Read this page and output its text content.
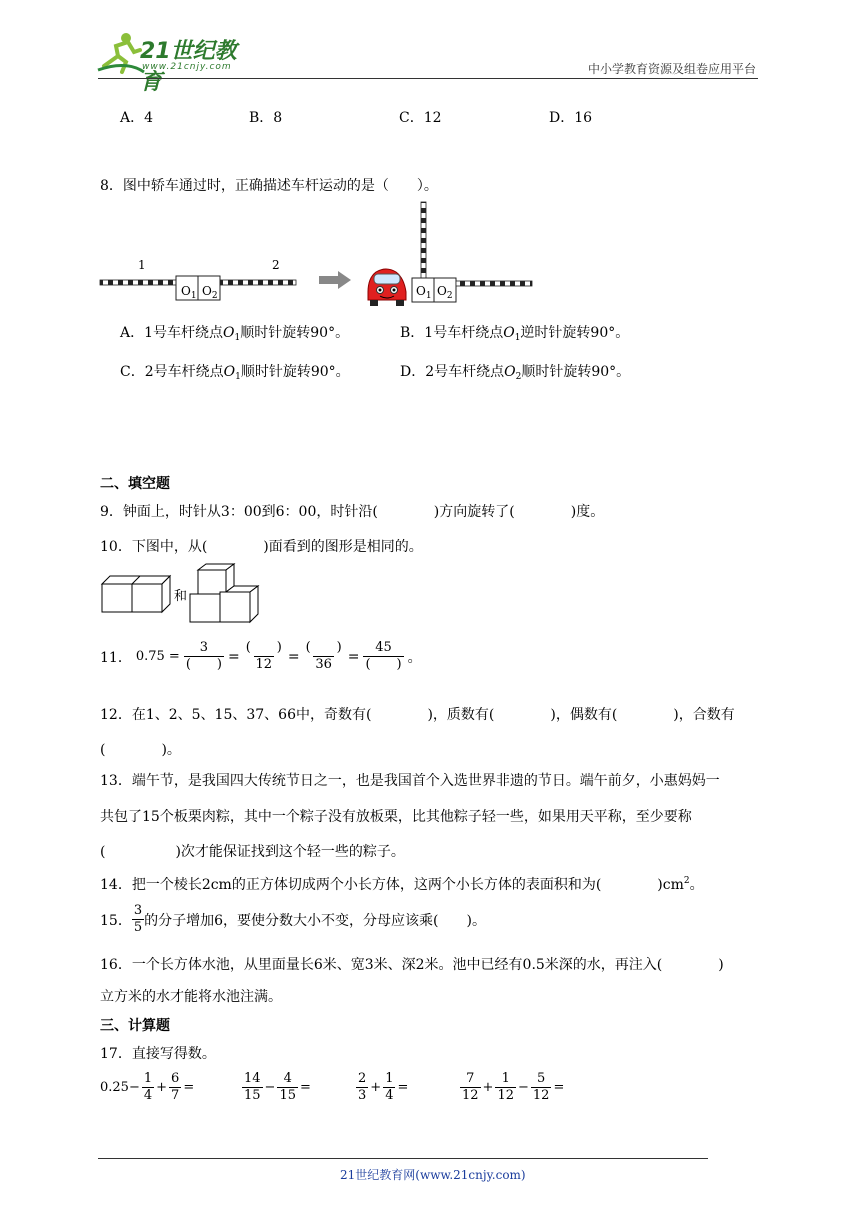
21世纪教育
www.21cnjy.com	中小学教育资源及组卷应用平台
A．4	B．8	C．12	D．16
8．图中轿车通过时，正确描述车杆运动的是（　　）。
1	2
$O_1$ $O_2$	$O_1$ $O_2$
A．1号车杆绕点$O_1$顺时针旋转90°。	B．1号车杆绕点$O_1$逆时针旋转90°。
C．2号车杆绕点$O_1$顺时针旋转90°。	D．2号车杆绕点$O_2$顺时针旋转90°。
二、填空题
9．钟面上，时针从3：00到6：00，时针沿(　　　　)方向旋转了(　　　　)度。
10．下图中，从(　　　　)面看到的图形是相同的。
和
11． $0.75 = \frac{3}{( )} = \frac{( )}{12} = \frac{( )}{36} = \frac{45}{( )}$ 。
12．在1、2、5、15、37、66中，奇数有(　　　　)，质数有(　　　　)，偶数有(　　　　)，合数有
(　　　　)。
13．端午节，是我国四大传统节日之一，也是我国首个入选世界非遗的节日。端午前夕，小惠妈妈一
共包了15个板栗肉粽，其中一个粽子没有放板栗，比其他粽子轻一些，如果用天平称，至少要称
(　　　　　)次才能保证找到这个轻一些的粽子。
14．把一个棱长2cm的正方体切成两个小长方体，这两个小长方体的表面积和为(　　　　)$cm^2$。
15． $\frac{3}{5}$ 的分子增加6，要使分数大小不变，分母应该乘(　　)。
16．一个长方体水池，从里面量长6米、宽3米、深2米。池中已经有0.5米深的水，再注入(　　　　)
立方米的水才能将水池注满。
三、计算题
17．直接写得数。
$0.25- \frac{1}{4} + \frac{6}{7}$ =	$\frac{14}{15} - \frac{4}{15}$ =	$\frac{2}{3} + \frac{1}{4}$ =	$\frac{7}{12} + \frac{1}{12} - \frac{5}{12}$ =
21世纪教育网(www.21cnjy.com)
